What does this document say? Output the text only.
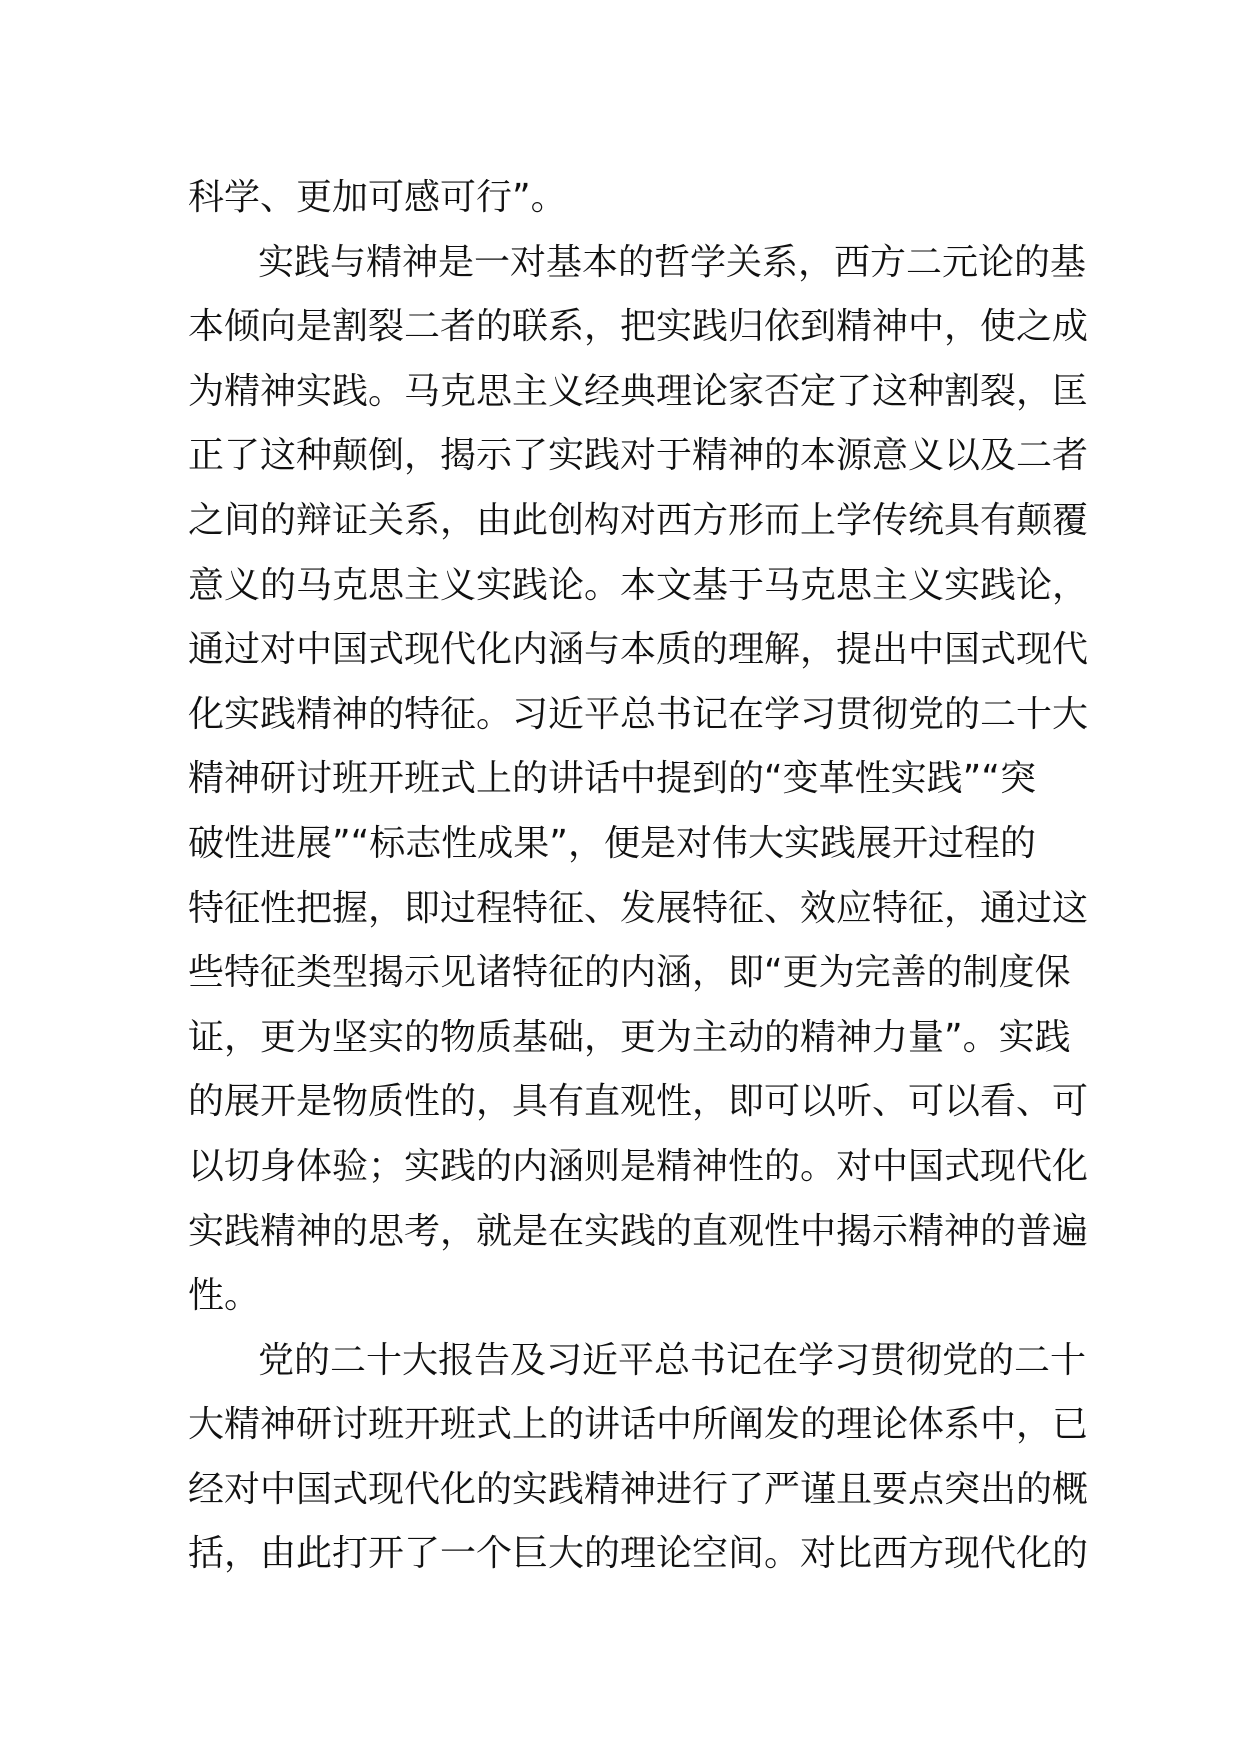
科学、更加可感可行”。
实践与精神是一对基本的哲学关系，西方二元论的基
本倾向是割裂二者的联系，把实践归依到精神中，使之成
为精神实践。马克思主义经典理论家否定了这种割裂，匡
正了这种颠倒，揭示了实践对于精神的本源意义以及二者
之间的辩证关系，由此创构对西方形而上学传统具有颠覆
意义的马克思主义实践论。本文基于马克思主义实践论，
通过对中国式现代化内涵与本质的理解，提出中国式现代
化实践精神的特征。习近平总书记在学习贯彻党的二十大
精神研讨班开班式上的讲话中提到的“变革性实践”“突
破性进展”“标志性成果”，便是对伟大实践展开过程的
特征性把握，即过程特征、发展特征、效应特征，通过这
些特征类型揭示见诸特征的内涵，即“更为完善的制度保
证，更为坚实的物质基础，更为主动的精神力量”。实践
的展开是物质性的，具有直观性，即可以听、可以看、可
以切身体验；实践的内涵则是精神性的。对中国式现代化
实践精神的思考，就是在实践的直观性中揭示精神的普遍
性。
党的二十大报告及习近平总书记在学习贯彻党的二十
大精神研讨班开班式上的讲话中所阐发的理论体系中，已
经对中国式现代化的实践精神进行了严谨且要点突出的概
括，由此打开了一个巨大的理论空间。对比西方现代化的
